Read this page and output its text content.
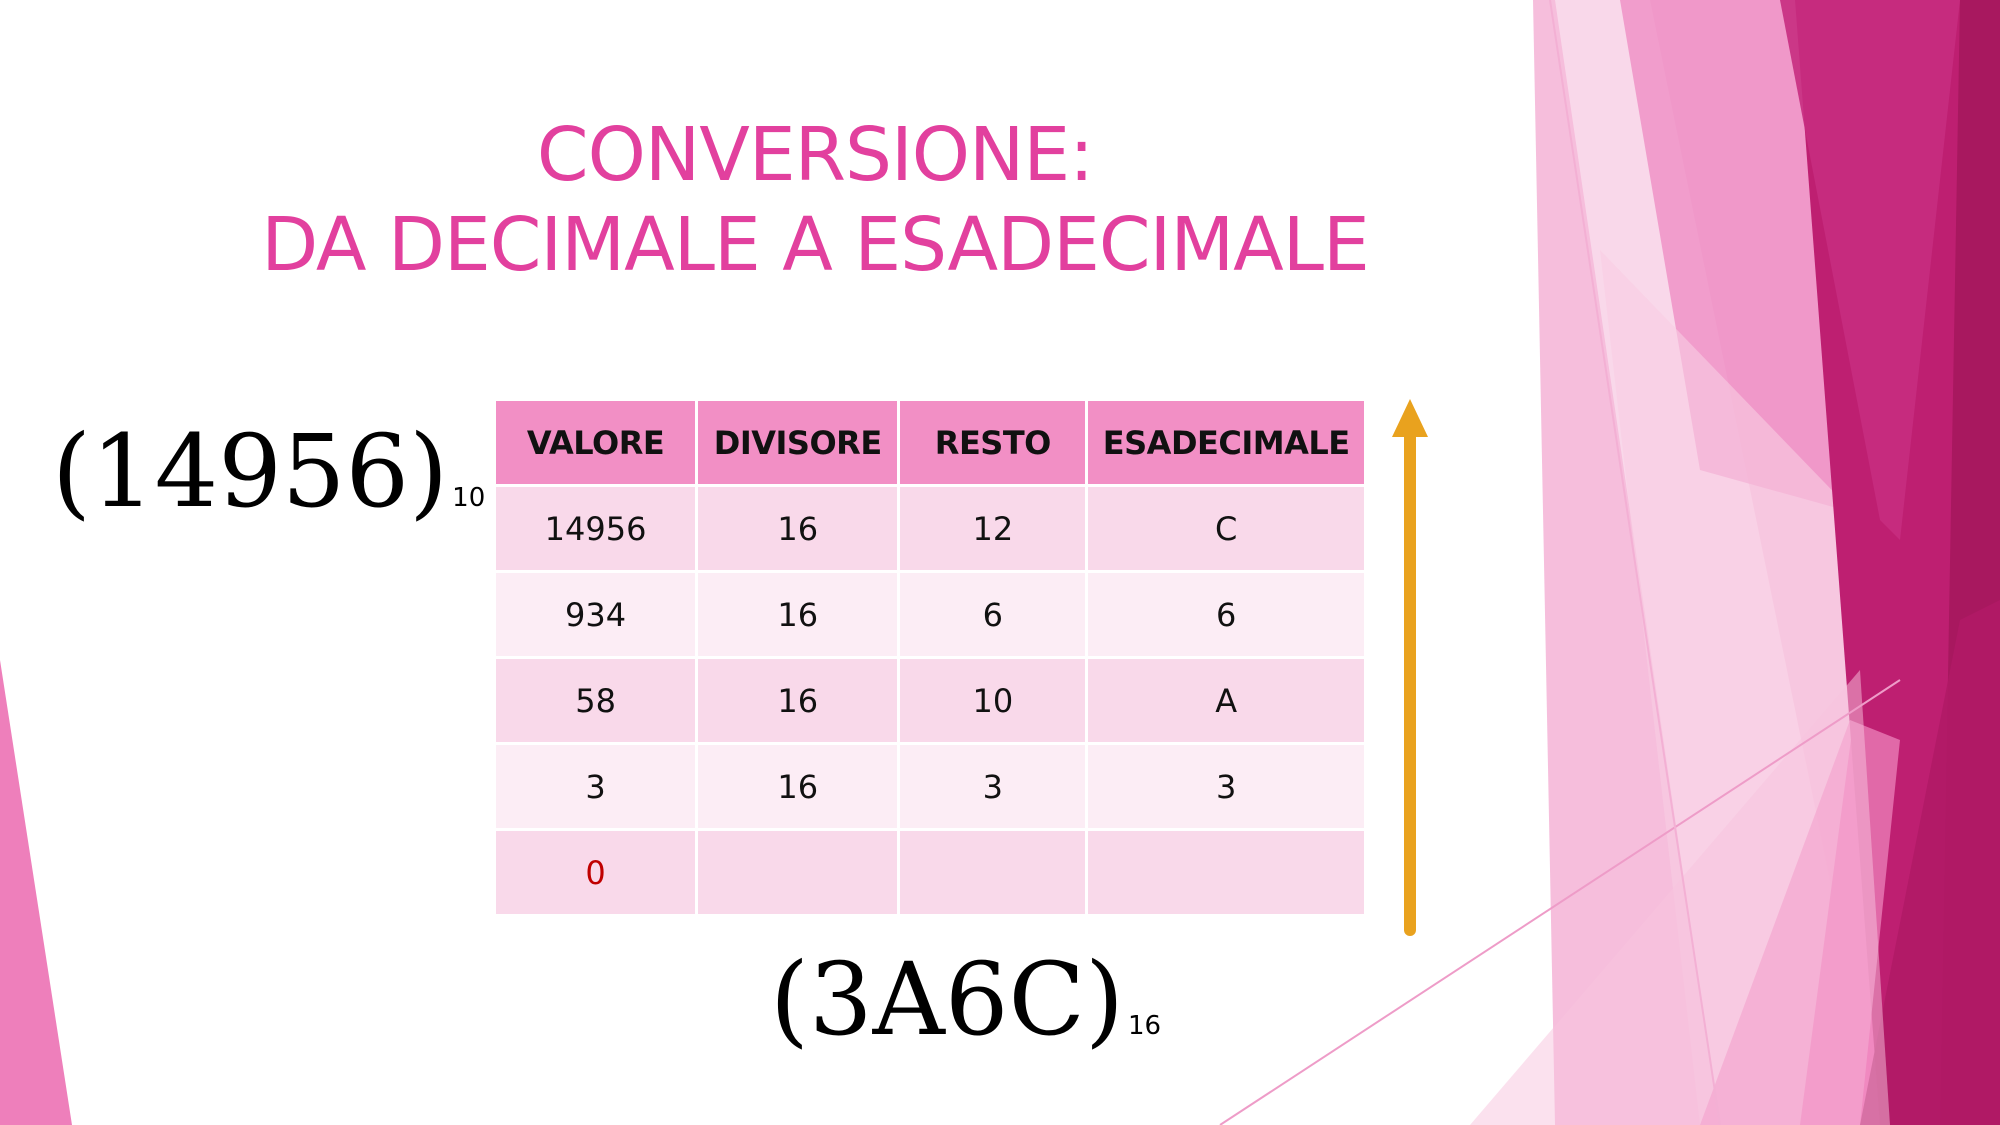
CONVERSIONE:
DA DECIMALE A ESADECIMALE
(14956) 10
VALORE	DIVISORE	RESTO	ESADECIMALE
14956	16	12	C
934	16	6	6
58	16	10	A
3	16	3	3
0			
(3A6C) 16
